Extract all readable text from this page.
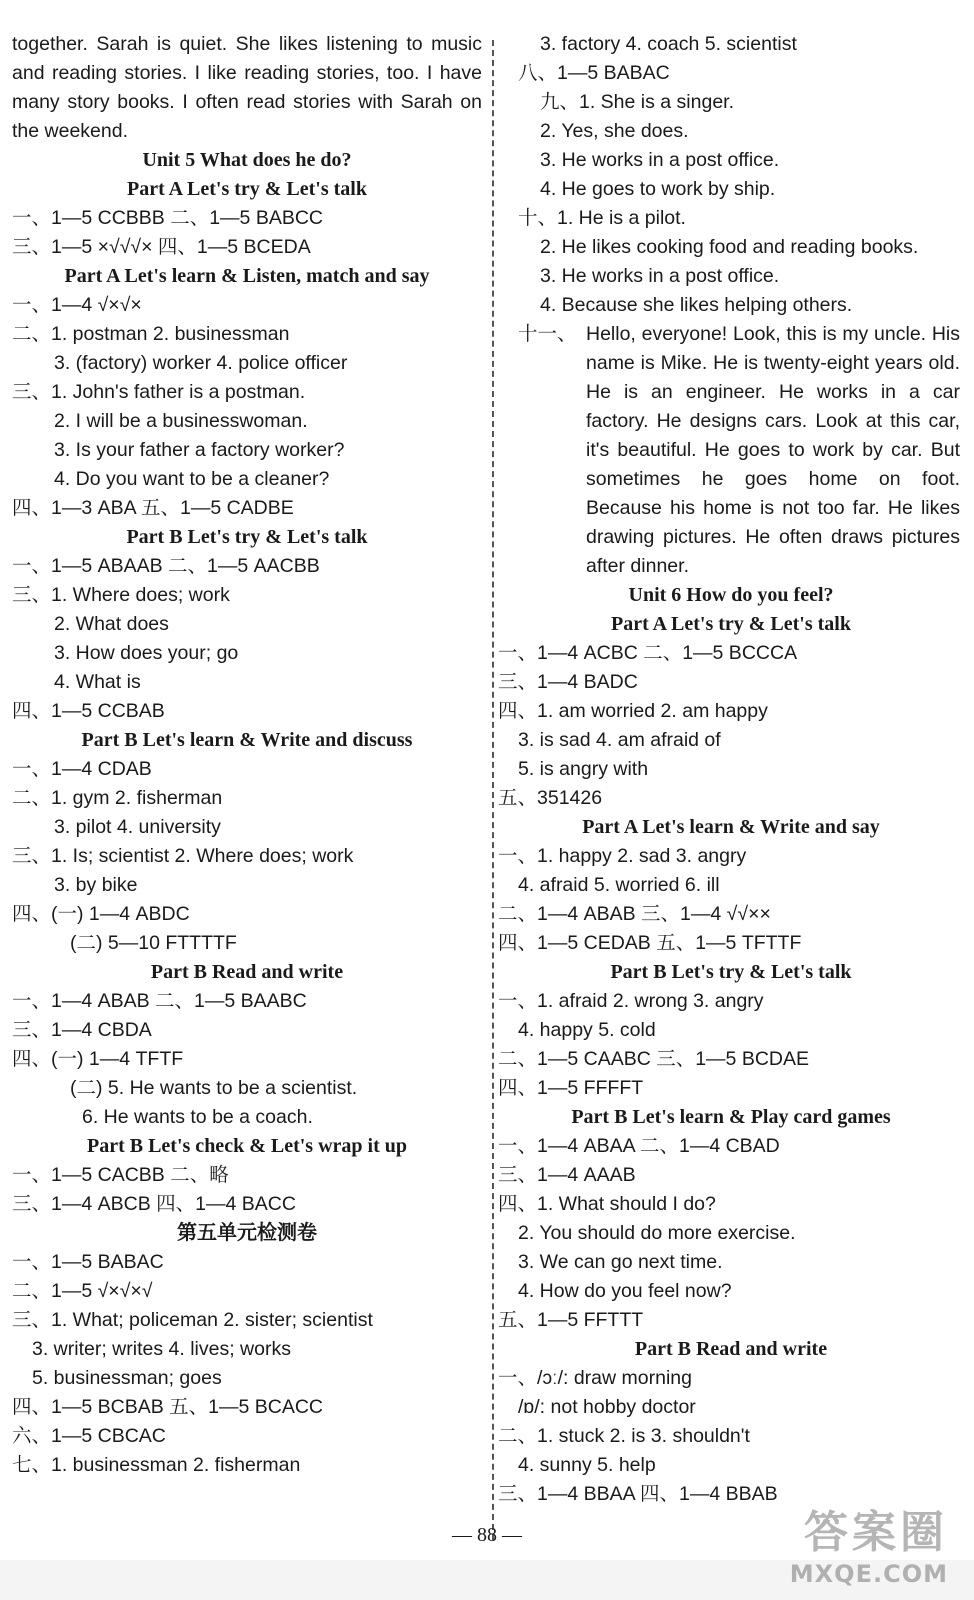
together. Sarah is quiet. She likes listening to music and reading stories. I like reading stories, too. I have many story books. I often read stories with Sarah on the weekend.
Unit 5 What does he do?
Part A Let's try & Let's talk
一、1—5 CCBBB 二、1—5 BABCC
三、1—5 ×√√√× 四、1—5 BCEDA
Part A Let's learn & Listen, match and say
一、1—4 √×√×
二、1. postman 2. businessman
3. (factory) worker 4. police officer
三、1. John's father is a postman.
2. I will be a businesswoman.
3. Is your father a factory worker?
4. Do you want to be a cleaner?
四、1—3 ABA 五、1—5 CADBE
Part B Let's try & Let's talk
一、1—5 ABAAB 二、1—5 AACBB
三、1. Where does; work
2. What does
3. How does your; go
4. What is
四、1—5 CCBAB
Part B Let's learn & Write and discuss
一、1—4 CDAB
二、1. gym 2. fisherman
3. pilot 4. university
三、1. Is; scientist 2. Where does; work
3. by bike
四、(一) 1—4 ABDC
(二) 5—10 FTTTTF
Part B Read and write
一、1—4 ABAB 二、1—5 BAABC
三、1—4 CBDA
四、(一) 1—4 TFTF
(二) 5. He wants to be a scientist.
6. He wants to be a coach.
Part B Let's check & Let's wrap it up
一、1—5 CACBB 二、略
三、1—4 ABCB 四、1—4 BACC
第五单元检测卷
一、1—5 BABAC
二、1—5 √×√×√
三、1. What; policeman 2. sister; scientist
3. writer; writes 4. lives; works
5. businessman; goes
四、1—5 BCBAB 五、1—5 BCACC
六、1—5 CBCAC
七、1. businessman 2. fisherman
3. factory 4. coach 5. scientist
八、1—5 BABAC
九、1. She is a singer.
2. Yes, she does.
3. He works in a post office.
4. He goes to work by ship.
十、1. He is a pilot.
2. He likes cooking food and reading books.
3. He works in a post office.
4. Because she likes helping others.
十一、 Hello, everyone! Look, this is my uncle. His name is Mike. He is twenty-eight years old. He is an engineer. He works in a car factory. He designs cars. Look at this car, it's beautiful. He goes to work by car. But sometimes he goes home on foot. Because his home is not too far. He likes drawing pictures. He often draws pictures after dinner.
Unit 6 How do you feel?
Part A Let's try & Let's talk
一、1—4 ACBC 二、1—5 BCCCA
三、1—4 BADC
四、1. am worried 2. am happy
3. is sad 4. am afraid of
5. is angry with
五、351426
Part A Let's learn & Write and say
一、1. happy 2. sad 3. angry
4. afraid 5. worried 6. ill
二、1—4 ABAB 三、1—4 √√××
四、1—5 CEDAB 五、1—5 TFTTF
Part B Let's try & Let's talk
一、1. afraid 2. wrong 3. angry
4. happy 5. cold
二、1—5 CAABC 三、1—5 BCDAE
四、1—5 FFFFT
Part B Let's learn & Play card games
一、1—4 ABAA 二、1—4 CBAD
三、1—4 AAAB
四、1. What should I do?
2. You should do more exercise.
3. We can go next time.
4. How do you feel now?
五、1—5 FFTTT
Part B Read and write
一、/ɔː/: draw morning
/ɒ/: not hobby doctor
二、1. stuck 2. is 3. shouldn't
4. sunny 5. help
三、1—4 BBAA 四、1—4 BBAB
— 88 —	答案圈
MXQE.COM
